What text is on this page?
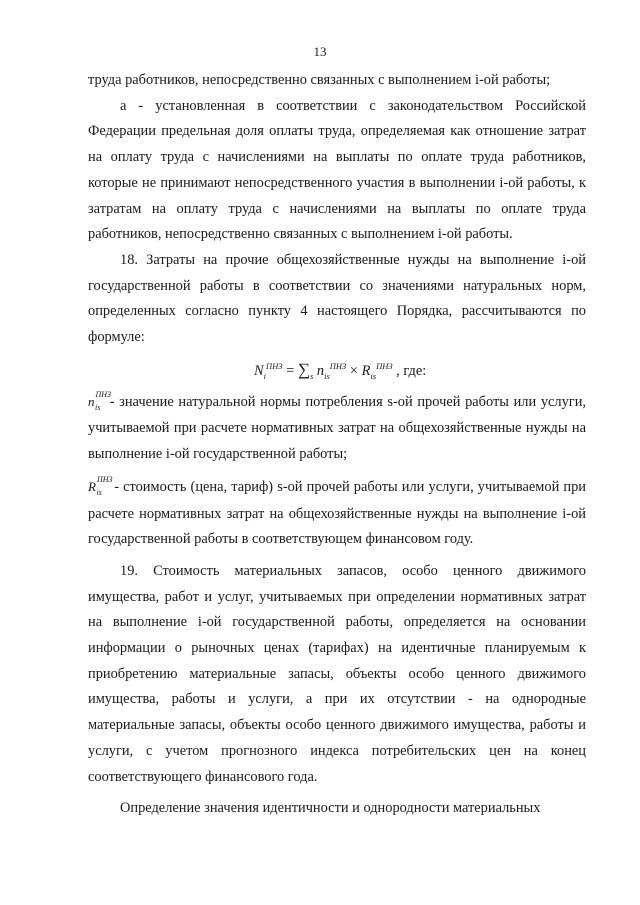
13

труда работников, непосредственно связанных с выполнением i-ой работы;

a - установленная в соответствии с законодательством Российской Федерации предельная доля оплаты труда, определяемая как отношение затрат на оплату труда с начислениями на выплаты по оплате труда работников, которые не принимают непосредственного участия в выполнении i-ой работы, к затратам на оплату труда с начислениями на выплаты по оплате труда работников, непосредственно связанных с выполнением i-ой работы.

18. Затраты на прочие общехозяйственные нужды на выполнение i-ой государственной работы в соответствии со значениями натуральных норм, определенных согласно пункту 4 настоящего Порядка, рассчитываются по формуле:

$N_i^{ПНЗ} = \sum_s$ $n_{is}^{ПНЗ} \times R_{is}^{ПНЗ}$ , где:

$n^{ПНЗ}_{is}$ - значение натуральной нормы потребления s-ой прочей работы или услуги, учитываемой при расчете нормативных затрат на общехозяйственные нужды на выполнение i-ой государственной работы;

$R^{ПНЗ}_{is}$ - стоимость (цена, тариф) s-ой прочей работы или услуги, учитываемой при расчете нормативных затрат на общехозяйственные нужды на выполнение i-ой государственной работы в соответствующем финансовом году.

19. Стоимость материальных запасов, особо ценного движимого имущества, работ и услуг, учитываемых при определении нормативных затрат на выполнение i-ой государственной работы, определяется на основании информации о рыночных ценах (тарифах) на идентичные планируемым к приобретению материальные запасы, объекты особо ценного движимого имущества, работы и услуги, а при их отсутствии - на однородные материальные запасы, объекты особо ценного движимого имущества, работы и услуги, с учетом прогнозного индекса потребительских цен на конец соответствующего финансового года.

Определение значения идентичности и однородности материальных
